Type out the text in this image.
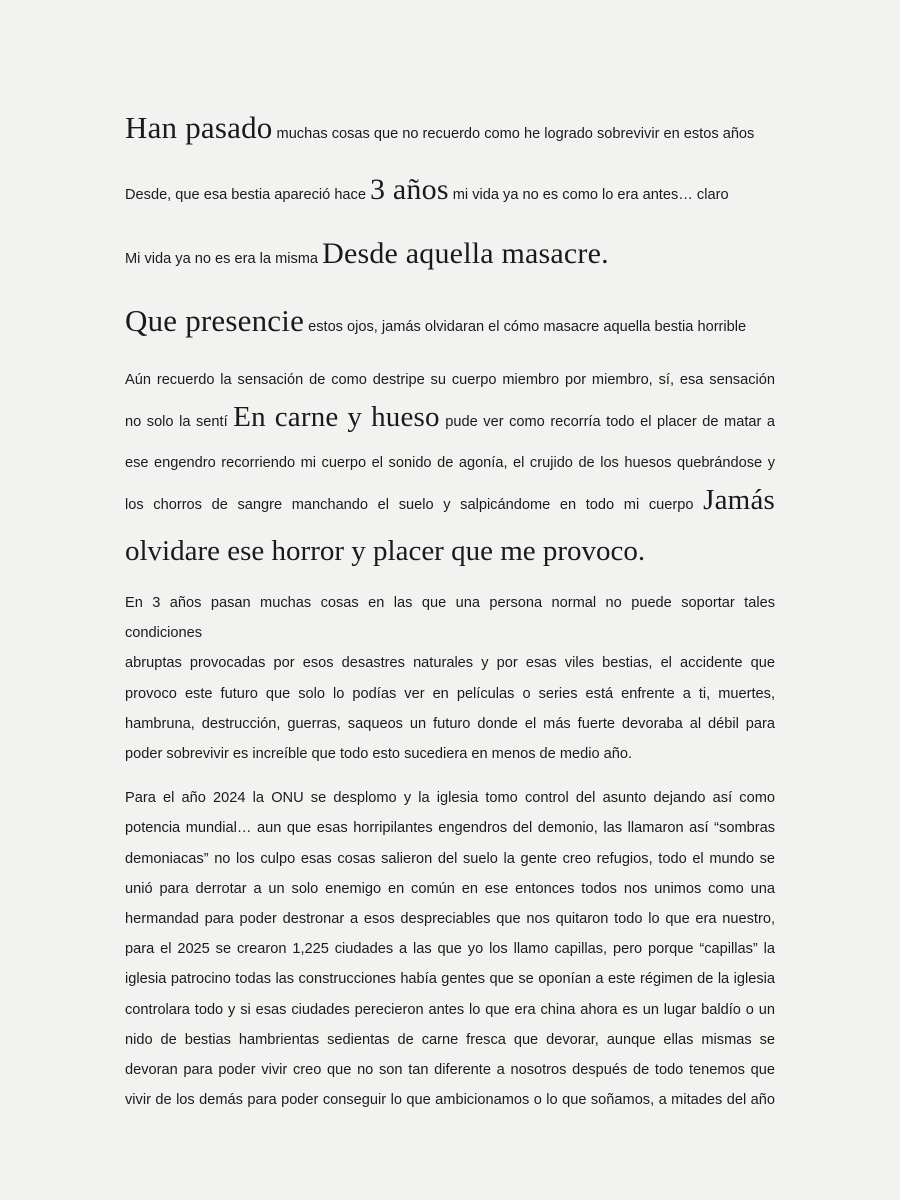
Han pasado muchas cosas que no recuerdo como he logrado sobrevivir en estos años
Desde, que esa bestia apareció hace 3 años mi vida ya no es como lo era antes… claro
Mi vida ya no es era la misma Desde aquella masacre.
Que presencie estos ojos, jamás olvidaran el cómo masacre aquella bestia horrible
Aún recuerdo la sensación de como destripe su cuerpo miembro por miembro, sí, esa sensación
no solo la sentí En carne y hueso pude ver como recorría todo el placer de matar a
ese engendro recorriendo mi cuerpo el sonido de agonía, el crujido de los huesos quebrándose y
los chorros de sangre manchando el suelo y salpicándome en todo mi cuerpo Jamás
olvidare ese horror y placer que me provoco.
En 3 años pasan muchas cosas en las que una persona normal no puede soportar tales condiciones
abruptas provocadas por esos desastres naturales y por esas viles bestias, el accidente que
provoco este futuro que solo lo podías ver en películas o series está enfrente a ti, muertes,
hambruna, destrucción, guerras, saqueos un futuro donde el más fuerte devoraba al débil para
poder sobrevivir es increíble que todo esto sucediera en menos de medio año.
Para el año 2024 la ONU se desplomo y la iglesia tomo control del asunto dejando así como
potencia mundial… aun que esas horripilantes engendros del demonio, las llamaron así “sombras
demoniacas” no los culpo esas cosas salieron del suelo la gente creo refugios, todo el mundo se
unió para derrotar a un solo enemigo en común en ese entonces todos nos unimos como una
hermandad para poder destronar a esos despreciables que nos quitaron todo lo que era nuestro,
para el 2025 se crearon 1,225 ciudades a las que yo los llamo capillas, pero porque “capillas” la
iglesia patrocino todas las construcciones había gentes que se oponían a este régimen de la iglesia
controlara todo y si esas ciudades perecieron antes lo que era china ahora es un lugar baldío o un
nido de bestias hambrientas sedientas de carne fresca que devorar, aunque ellas mismas se
devoran para poder vivir creo que no son tan diferente a nosotros después de todo tenemos que
vivir de los demás para poder conseguir lo que ambicionamos o lo que soñamos, a mitades del año
